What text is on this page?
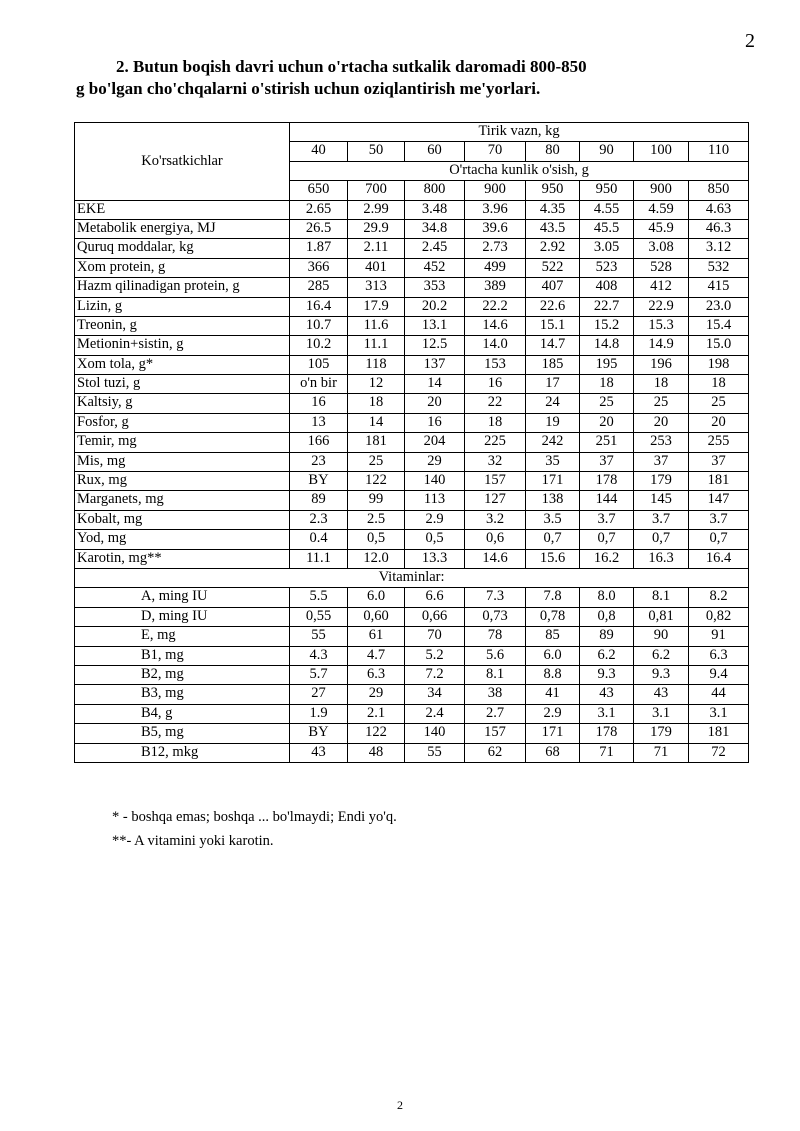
2
2. Butun boqish davri uchun o'rtacha sutkalik daromadi 800-850
g bo'lgan cho'chqalarni o'stirish uchun oziqlantirish me'yorlari.
Ko'rsatkichlar	Tirik vazn, kg							
	40	50	60	70	80	90	100	110
	O'rtacha kunlik o'sish, g							
	650	700	800	900	950	950	900	850
EKE	2.65	2.99	3.48	3.96	4.35	4.55	4.59	4.63
Metabolik energiya, MJ	26.5	29.9	34.8	39.6	43.5	45.5	45.9	46.3
Quruq moddalar, kg	1.87	2.11	2.45	2.73	2.92	3.05	3.08	3.12
Xom protein, g	366	401	452	499	522	523	528	532
Hazm qilinadigan protein, g	285	313	353	389	407	408	412	415
Lizin, g	16.4	17.9	20.2	22.2	22.6	22.7	22.9	23.0
Treonin, g	10.7	11.6	13.1	14.6	15.1	15.2	15.3	15.4
Metionin+sistin, g	10.2	11.1	12.5	14.0	14.7	14.8	14.9	15.0
Xom tola, g*	105	118	137	153	185	195	196	198
Stol tuzi, g	o'n bir	12	14	16	17	18	18	18
Kaltsiy, g	16	18	20	22	24	25	25	25
Fosfor, g	13	14	16	18	19	20	20	20
Temir, mg	166	181	204	225	242	251	253	255
Mis, mg	23	25	29	32	35	37	37	37
Rux, mg	BY	122	140	157	171	178	179	181
Marganets, mg	89	99	113	127	138	144	145	147
Kobalt, mg	2.3	2.5	2.9	3.2	3.5	3.7	3.7	3.7
Yod, mg	0.4	0,5	0,5	0,6	0,7	0,7	0,7	0,7
Karotin, mg**	11.1	12.0	13.3	14.6	15.6	16.2	16.3	16.4
Vitaminlar:								
A, ming IU	5.5	6.0	6.6	7.3	7.8	8.0	8.1	8.2
D, ming IU	0,55	0,60	0,66	0,73	0,78	0,8	0,81	0,82
E, mg	55	61	70	78	85	89	90	91
B1, mg	4.3	4.7	5.2	5.6	6.0	6.2	6.2	6.3
B2, mg	5.7	6.3	7.2	8.1	8.8	9.3	9.3	9.4
B3, mg	27	29	34	38	41	43	43	44
B4, g	1.9	2.1	2.4	2.7	2.9	3.1	3.1	3.1
B5, mg	BY	122	140	157	171	178	179	181
B12, mkg	43	48	55	62	68	71	71	72
* - boshqa emas; boshqa ... bo'lmaydi; Endi yo'q.
**- A vitamini yoki karotin.
2
